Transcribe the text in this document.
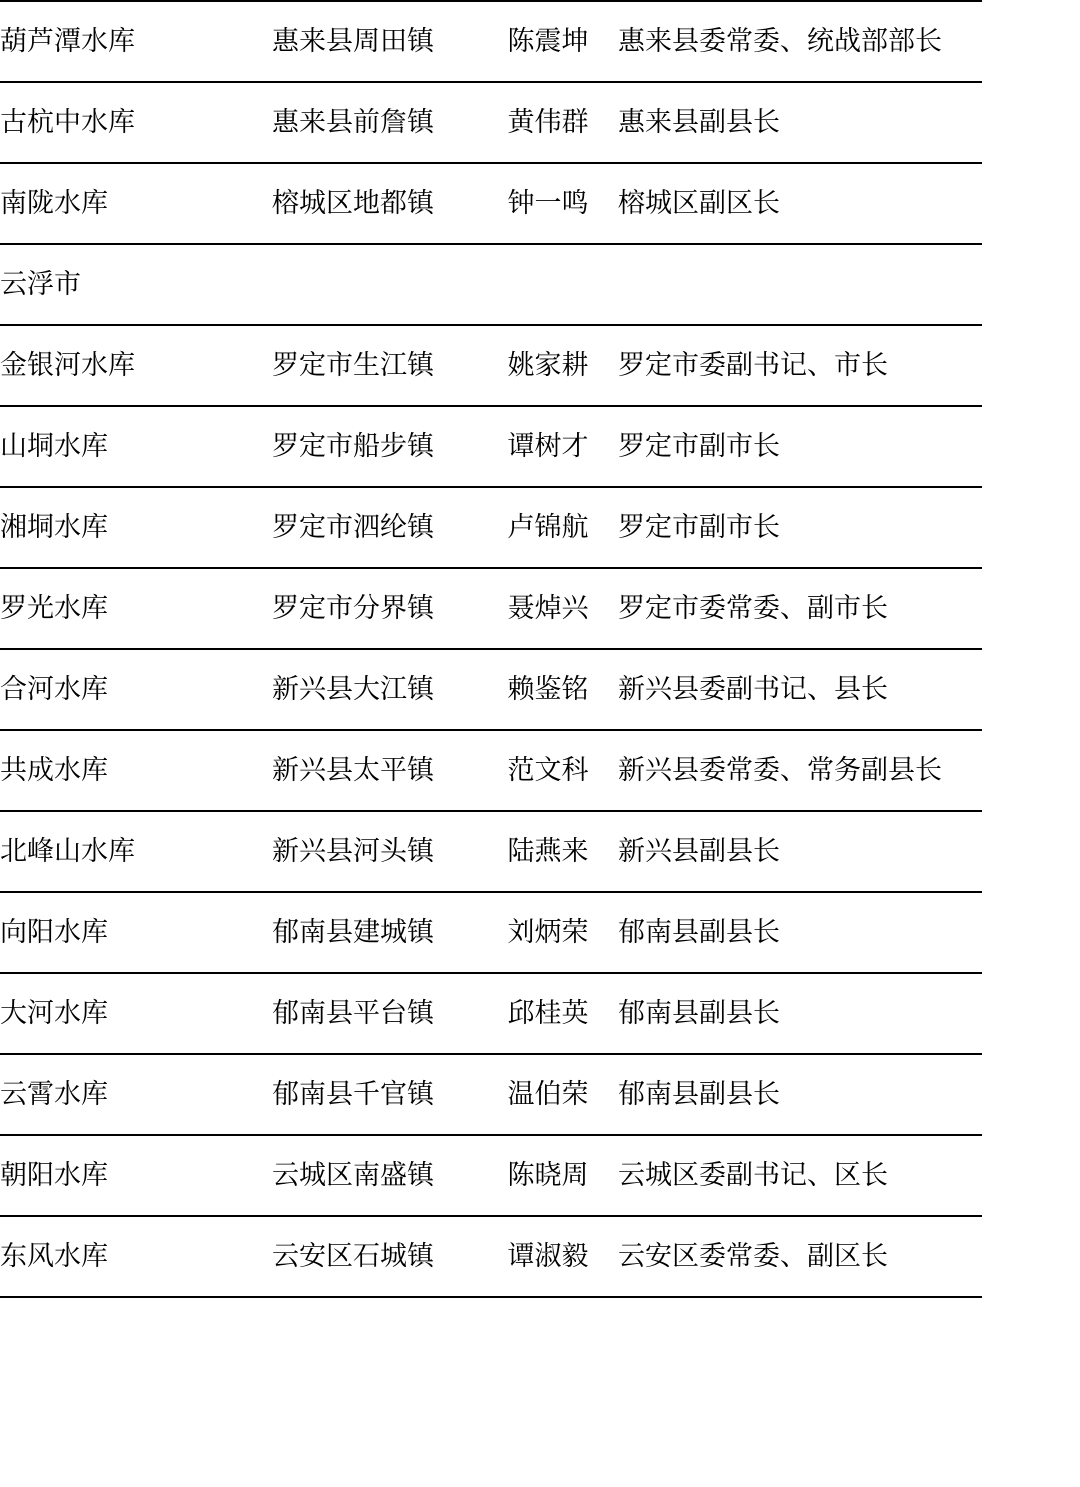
葫芦潭水库	惠来县周田镇	陈震坤	惠来县委常委、统战部部长
古杭中水库	惠来县前詹镇	黄伟群	惠来县副县长
南陇水库	榕城区地都镇	钟一鸣	榕城区副区长
云浮市			
金银河水库	罗定市生江镇	姚家耕	罗定市委副书记、市长
山垌水库	罗定市船步镇	谭树才	罗定市副市长
湘垌水库	罗定市泗纶镇	卢锦航	罗定市副市长
罗光水库	罗定市分界镇	聂焯兴	罗定市委常委、副市长
合河水库	新兴县大江镇	赖鉴铭	新兴县委副书记、县长
共成水库	新兴县太平镇	范文科	新兴县委常委、常务副县长
北峰山水库	新兴县河头镇	陆燕来	新兴县副县长
向阳水库	郁南县建城镇	刘炳荣	郁南县副县长
大河水库	郁南县平台镇	邱桂英	郁南县副县长
云霄水库	郁南县千官镇	温伯荣	郁南县副县长
朝阳水库	云城区南盛镇	陈晓周	云城区委副书记、区长
东风水库	云安区石城镇	谭淑毅	云安区委常委、副区长
